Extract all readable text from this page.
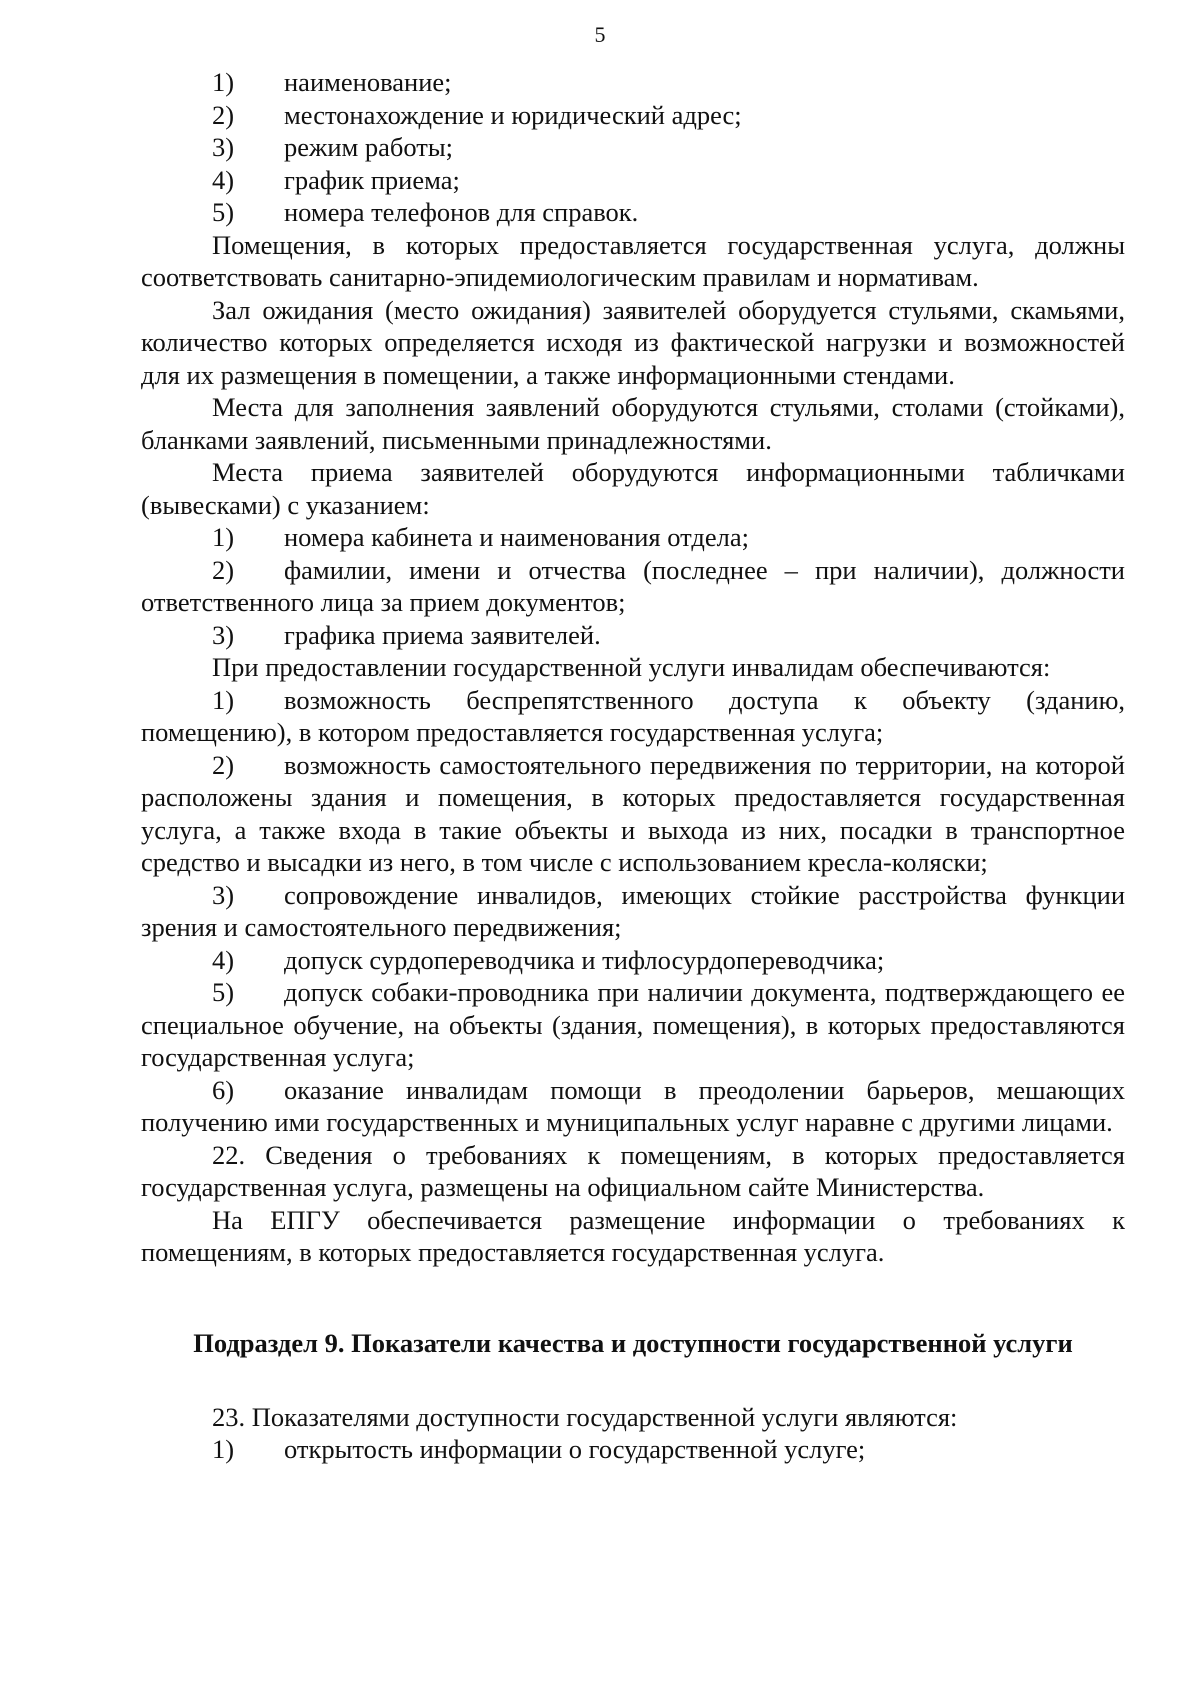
5

1) наименование;

2) местонахождение и юридический адрес;

3) режим работы;

4) график приема;

5) номера телефонов для справок.

Помещения, в которых предоставляется государственная услуга, должны соответствовать санитарно-эпидемиологическим правилам и нормативам.

Зал ожидания (место ожидания) заявителей оборудуется стульями, скамьями, количество которых определяется исходя из фактической нагрузки и возможностей для их размещения в помещении, а также информационными стендами.

Места для заполнения заявлений оборудуются стульями, столами (стойками), бланками заявлений, письменными принадлежностями.

Места приема заявителей оборудуются информационными табличками (вывесками) с указанием:

1) номера кабинета и наименования отдела;

2) фамилии, имени и отчества (последнее – при наличии), должности ответственного лица за прием документов;

3) графика приема заявителей.

При предоставлении государственной услуги инвалидам обеспечиваются:

1) возможность беспрепятственного доступа к объекту (зданию, помещению), в котором предоставляется государственная услуга;

2) возможность самостоятельного передвижения по территории, на которой расположены здания и помещения, в которых предоставляется государственная услуга, а также входа в такие объекты и выхода из них, посадки в транспортное средство и высадки из него, в том числе с использованием кресла-коляски;

3) сопровождение инвалидов, имеющих стойкие расстройства функции зрения и самостоятельного передвижения;

4) допуск сурдопереводчика и тифлосурдопереводчика;

5) допуск собаки-проводника при наличии документа, подтверждающего ее специальное обучение, на объекты (здания, помещения), в которых предоставляются государственная услуга;

6) оказание инвалидам помощи в преодолении барьеров, мешающих получению ими государственных и муниципальных услуг наравне с другими лицами.

22. Сведения о требованиях к помещениям, в которых предоставляется государственная услуга, размещены на официальном сайте Министерства.

На ЕПГУ обеспечивается размещение информации о требованиях к помещениям, в которых предоставляется государственная услуга.

Подраздел 9. Показатели качества и доступности государственной услуги

23. Показателями доступности государственной услуги являются:

1) открытость информации о государственной услуге;
